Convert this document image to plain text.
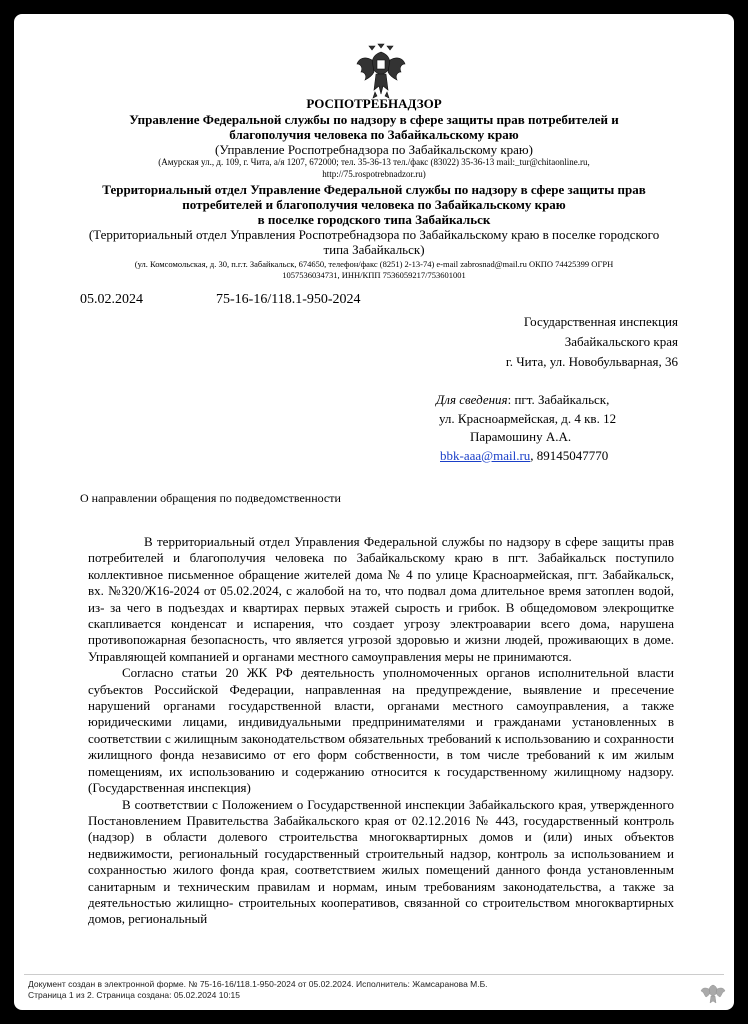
РОСПОТРЕБНАДЗОР
Управление Федеральной службы по надзору в сфере защиты прав потребителей и
благополучия человека по Забайкальскому краю
(Управление Роспотребнадзора по Забайкальскому краю)
(Амурская ул., д. 109, г. Чита, а/я 1207, 672000; тел. 35-36-13 тел./факс (83022) 35-36-13 mail:_tur@chitaonline.ru,
http://75.rospotrebnadzor.ru)
Территориальный отдел Управление Федеральной службы по надзору в сфере защиты прав
потребителей и благополучия человека по Забайкальскому краю
в поселке городского типа Забайкальск
(Территориальный отдел Управления Роспотребнадзора по Забайкальскому краю в поселке городского
типа Забайкальск)
(ул. Комсомольская, д. 30, п.г.т. Забайкальск, 674650, телефон/факс (8251) 2-13-74) e-mail zabrosnad@mail.ru ОКПО 74425399 ОГРН
1057536034731, ИНН/КПП 7536059217/753601001
05.02.2024	75-16-16/118.1-950-2024
Государственная инспекция
Забайкальского края
г. Чита, ул. Новобульварная, 36
Для сведения: пгт. Забайкальск,
ул. Красноармейская, д. 4 кв. 12
Парамошину А.А.
bbk-aaa@mail.ru, 89145047770
О направлении обращения по подведомственности

В территориальный отдел Управления Федеральной службы по надзору в сфере защиты прав потребителей и благополучия человека по Забайкальскому краю в пгт. Забайкальск поступило коллективное письменное обращение жителей дома № 4 по улице Красноармейская, пгт. Забайкальск, вх. №320/Ж16-2024 от 05.02.2024, с жалобой на то, что подвал дома длительное время затоплен водой, из- за чего в подъездах и квартирах первых этажей сырость и грибок. В общедомовом элекрощитке скапливается конденсат и испарения, что создает угрозу электроаварии всего дома, нарушена противопожарная безопасность, что является угрозой здоровью и жизни людей, проживающих в доме. Управляющей компанией и органами местного самоуправления меры не принимаются.

Согласно статьи 20 ЖК РФ деятельность уполномоченных органов исполнительной власти субъектов Российской Федерации, направленная на предупреждение, выявление и пресечение нарушений органами государственной власти, органами местного самоуправления, а также юридическими лицами, индивидуальными предпринимателями и гражданами установленных в соответствии с жилищным законодательством обязательных требований к использованию и сохранности жилищного фонда независимо от его форм собственности, в том числе требований к им жилым помещениям, их использованию и содержанию относится к государственному жилищному надзору. (Государственная инспекция)

В соответствии с Положением о Государственной инспекции Забайкальского края, утвержденного Постановлением Правительства Забайкальского края от 02.12.2016 № 443, государственный контроль (надзор) в области долевого строительства многоквартирных домов и (или) иных объектов недвижимости, региональный государственный строительный надзор, контроль за использованием и сохранностью жилого фонда края, соответствием жилых помещений данного фонда установленным санитарным и техническим правилам и нормам, иным требованиям законодательства, а также за деятельностью жилищно- строительных кооперативов, связанной со строительством многоквартирных домов, региональный

Документ создан в электронной форме. № 75-16-16/118.1-950-2024 от 05.02.2024. Исполнитель: Жамсаранова М.Б.
Страница 1 из 2. Страница создана: 05.02.2024 10:15
